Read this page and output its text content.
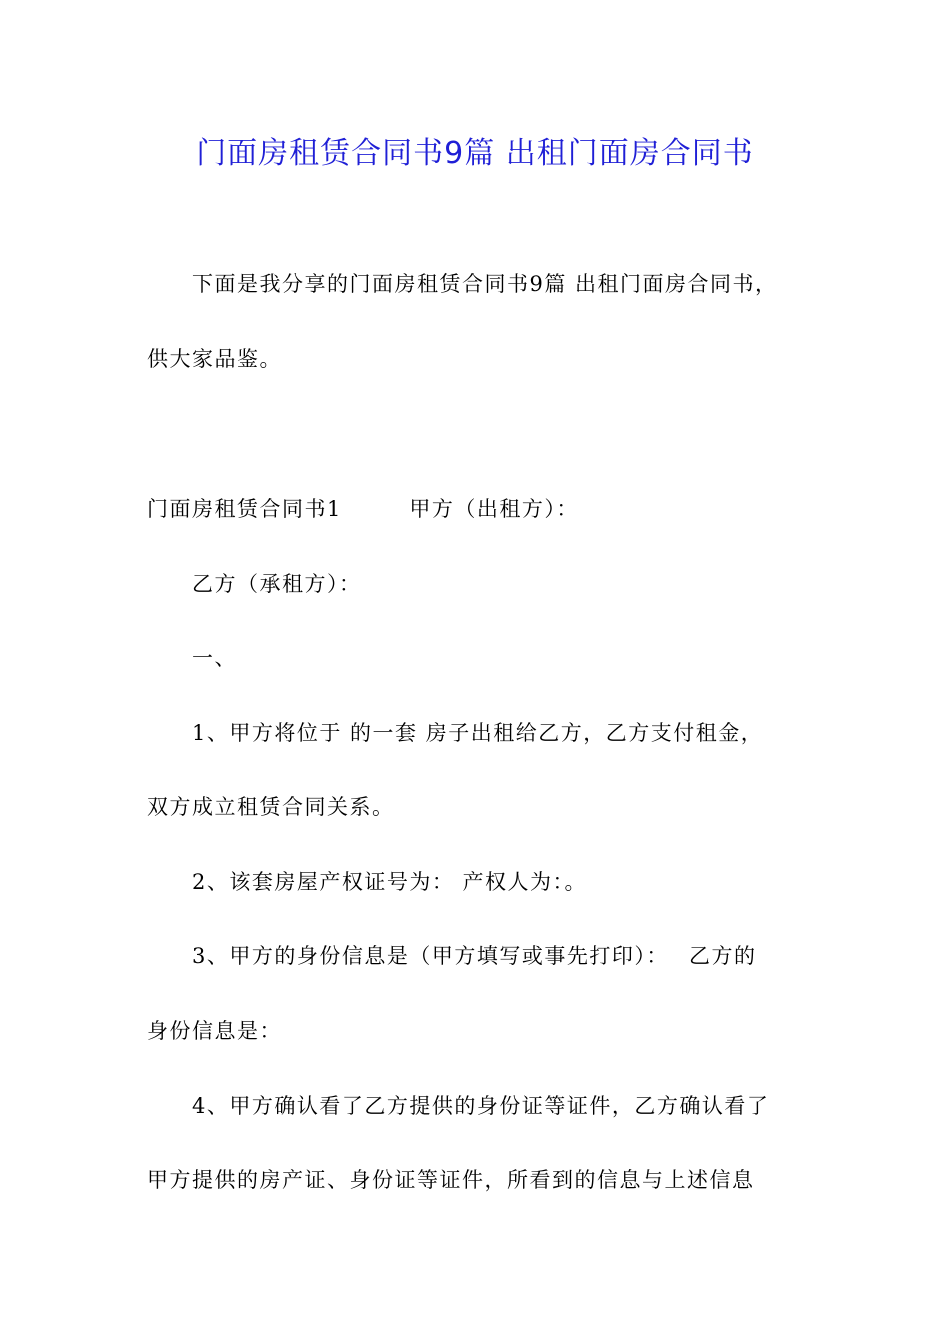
门面房租赁合同书9篇 出租门面房合同书
下面是我分享的门面房租赁合同书9篇 出租门面房合同书，
供大家品鉴。
门面房租赁合同书1　　　甲方（出租方）：
乙方（承租方）：
一、
1、甲方将位于 的一套 房子出租给乙方，乙方支付租金，
双方成立租赁合同关系。
2、该套房屋产权证号为： 产权人为：。
3、甲方的身份信息是（甲方填写或事先打印）：　 乙方的
身份信息是：
4、甲方确认看了乙方提供的身份证等证件，乙方确认看了
甲方提供的房产证、身份证等证件，所看到的信息与上述信息
